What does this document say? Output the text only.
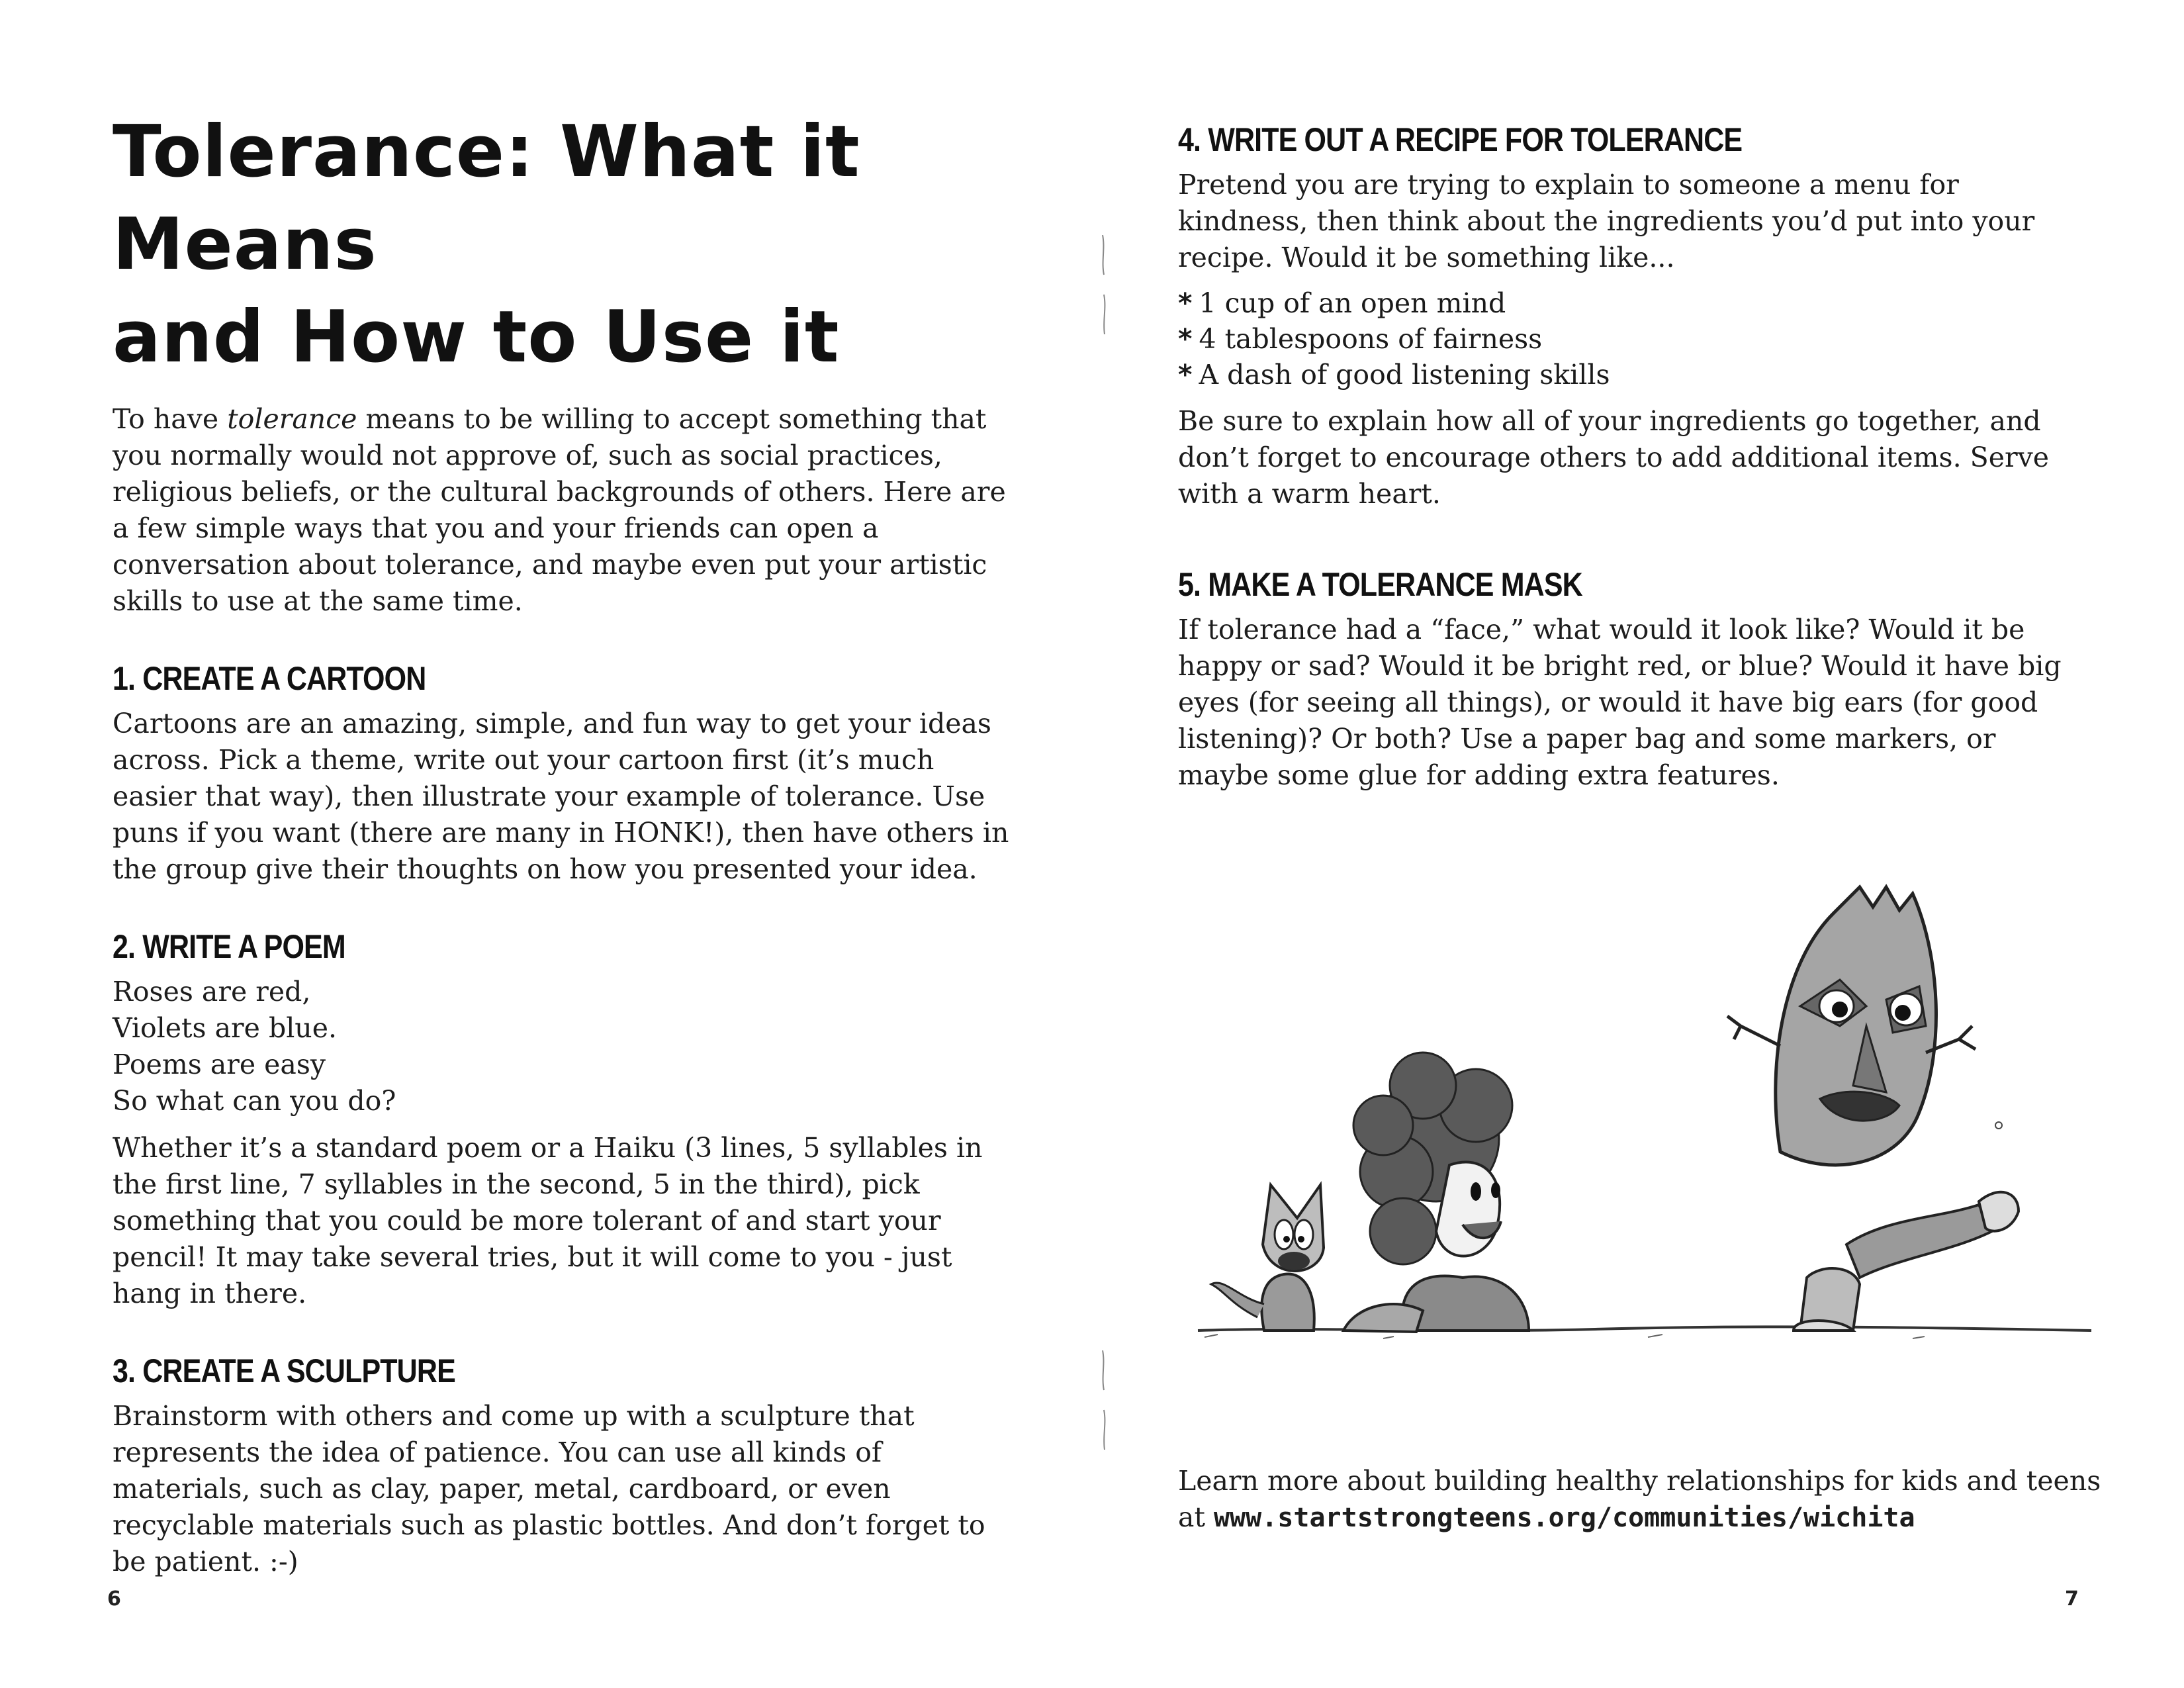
Tolerance: What it Means
and How to Use it

To have tolerance means to be willing to accept something that you normally would not approve of, such as social practices, religious beliefs, or the cultural backgrounds of others. Here are a few simple ways that you and your friends can open a conversation about tolerance, and maybe even put your artistic skills to use at the same time.

1. CREATE A CARTOON

Cartoons are an amazing, simple, and fun way to get your ideas across. Pick a theme, write out your cartoon first (it’s much easier that way), then illustrate your example of tolerance. Use puns if you want (there are many in HONK!), then have others in the group give their thoughts on how you presented your idea.

2. WRITE A POEM
Roses are red,
Violets are blue.
Poems are easy
So what can you do?

Whether it’s a standard poem or a Haiku (3 lines, 5 syllables in the first line, 7 syllables in the second, 5 in the third), pick something that you could be more tolerant of and start your pencil! It may take several tries, but it will come to you - just hang in there.

3. CREATE A SCULPTURE

Brainstorm with others and come up with a sculpture that represents the idea of patience. You can use all kinds of materials, such as clay, paper, metal, cardboard, or even recyclable materials such as plastic bottles. And don’t forget to be patient. :-)

4. WRITE OUT A RECIPE FOR TOLERANCE

Pretend you are trying to explain to someone a menu for kindness, then think about the ingredients you’d put into your recipe. Would it be something like...

* 1 cup of an open mind
* 4 tablespoons of fairness
* A dash of good listening skills

Be sure to explain how all of your ingredients go together, and don’t forget to encourage others to add additional items. Serve with a warm heart.

5. MAKE A TOLERANCE MASK

If tolerance had a “face,” what would it look like? Would it be happy or sad? Would it be bright red, or blue? Would it have big eyes (for seeing all things), or would it have big ears (for good listening)? Or both? Use a paper bag and some markers, or maybe some glue for adding extra features.

Learn more about building healthy relationships for kids and teens at www.startstrongteens.org/communities/wichita

6	7
